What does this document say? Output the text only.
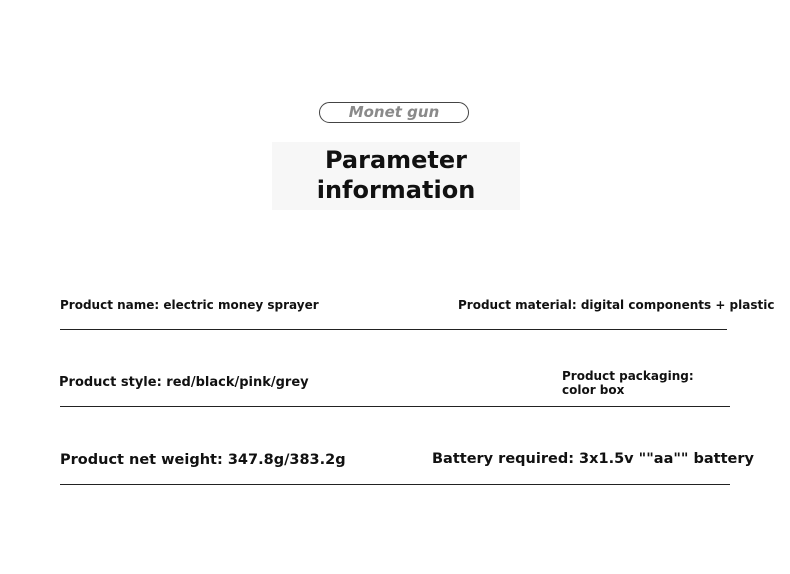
Monet gun
Parameter
information
Product name: electric money sprayer	Product material: digital components + plastic
Product style: red/black/pink/grey	Product packaging: color box
Product net weight: 347.8g/383.2g	Battery required: 3x1.5v ""aa"" battery
